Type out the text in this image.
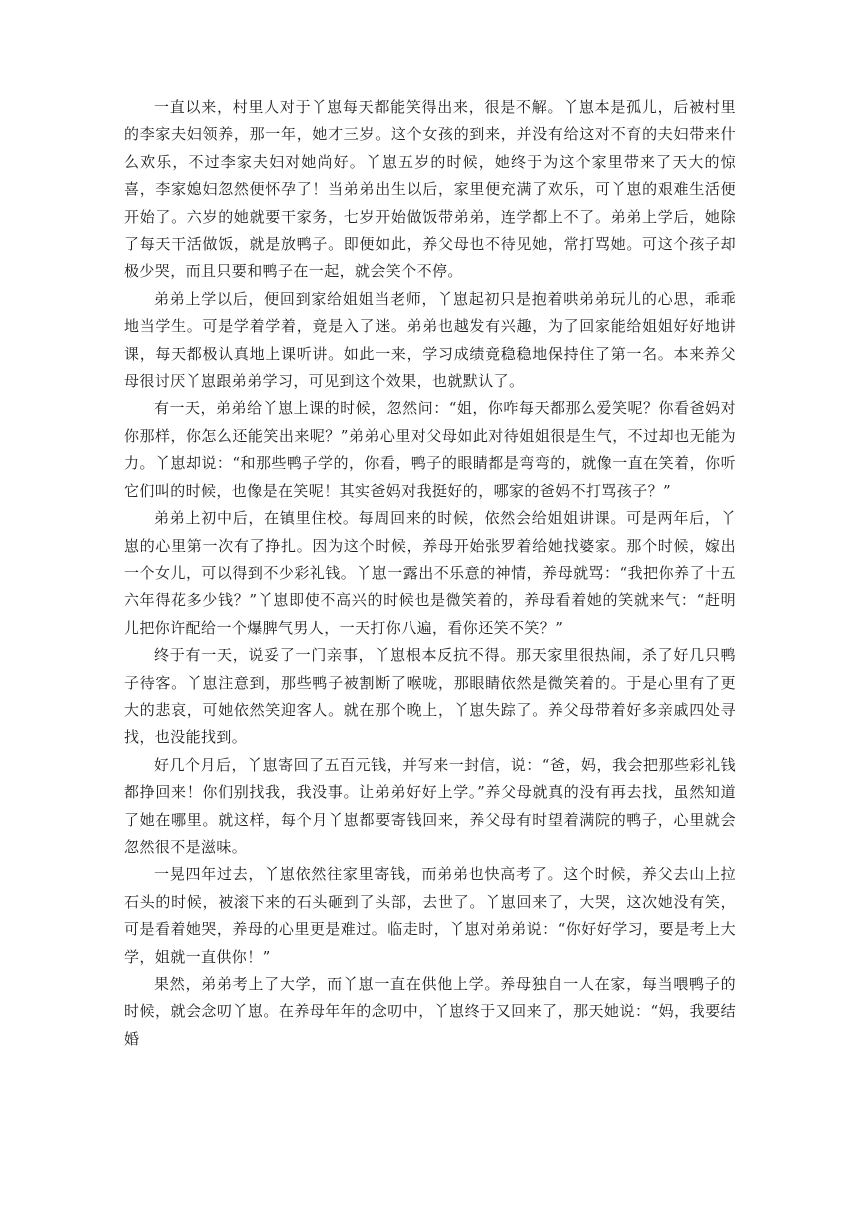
一直以来，村里人对于丫崽每天都能笑得出来，很是不解。丫崽本是孤儿，后被村里的李家夫妇领养，那一年，她才三岁。这个女孩的到来，并没有给这对不育的夫妇带来什么欢乐，不过李家夫妇对她尚好。丫崽五岁的时候，她终于为这个家里带来了天大的惊喜，李家媳妇忽然便怀孕了！当弟弟出生以后，家里便充满了欢乐，可丫崽的艰难生活便开始了。六岁的她就要干家务，七岁开始做饭带弟弟，连学都上不了。弟弟上学后，她除了每天干活做饭，就是放鸭子。即便如此，养父母也不待见她，常打骂她。可这个孩子却极少哭，而且只要和鸭子在一起，就会笑个不停。

弟弟上学以后，便回到家给姐姐当老师，丫崽起初只是抱着哄弟弟玩儿的心思，乖乖地当学生。可是学着学着，竟是入了迷。弟弟也越发有兴趣，为了回家能给姐姐好好地讲课，每天都极认真地上课听讲。如此一来，学习成绩竟稳稳地保持住了第一名。本来养父母很讨厌丫崽跟弟弟学习，可见到这个效果，也就默认了。

有一天，弟弟给丫崽上课的时候，忽然问：“姐，你咋每天都那么爱笑呢？你看爸妈对你那样，你怎么还能笑出来呢？”弟弟心里对父母如此对待姐姐很是生气，不过却也无能为力。丫崽却说：“和那些鸭子学的，你看，鸭子的眼睛都是弯弯的，就像一直在笑着，你听它们叫的时候，也像是在笑呢！其实爸妈对我挺好的，哪家的爸妈不打骂孩子？”

弟弟上初中后，在镇里住校。每周回来的时候，依然会给姐姐讲课。可是两年后，丫崽的心里第一次有了挣扎。因为这个时候，养母开始张罗着给她找婆家。那个时候，嫁出一个女儿，可以得到不少彩礼钱。丫崽一露出不乐意的神情，养母就骂：“我把你养了十五六年得花多少钱？”丫崽即使不高兴的时候也是微笑着的，养母看着她的笑就来气：“赶明儿把你许配给一个爆脾气男人，一天打你八遍，看你还笑不笑？”

终于有一天，说妥了一门亲事，丫崽根本反抗不得。那天家里很热闹，杀了好几只鸭子待客。丫崽注意到，那些鸭子被割断了喉咙，那眼睛依然是微笑着的。于是心里有了更大的悲哀，可她依然笑迎客人。就在那个晚上，丫崽失踪了。养父母带着好多亲戚四处寻找，也没能找到。

好几个月后，丫崽寄回了五百元钱，并写来一封信，说：“爸，妈，我会把那些彩礼钱都挣回来！你们别找我，我没事。让弟弟好好上学。”养父母就真的没有再去找，虽然知道了她在哪里。就这样，每个月丫崽都要寄钱回来，养父母有时望着满院的鸭子，心里就会忽然很不是滋味。

一晃四年过去，丫崽依然往家里寄钱，而弟弟也快高考了。这个时候，养父去山上拉石头的时候，被滚下来的石头砸到了头部，去世了。丫崽回来了，大哭，这次她没有笑，可是看着她哭，养母的心里更是难过。临走时，丫崽对弟弟说：“你好好学习，要是考上大学，姐就一直供你！”

果然，弟弟考上了大学，而丫崽一直在供他上学。养母独自一人在家，每当喂鸭子的时候，就会念叨丫崽。在养母年年的念叨中，丫崽终于又回来了，那天她说：“妈，我要结婚
